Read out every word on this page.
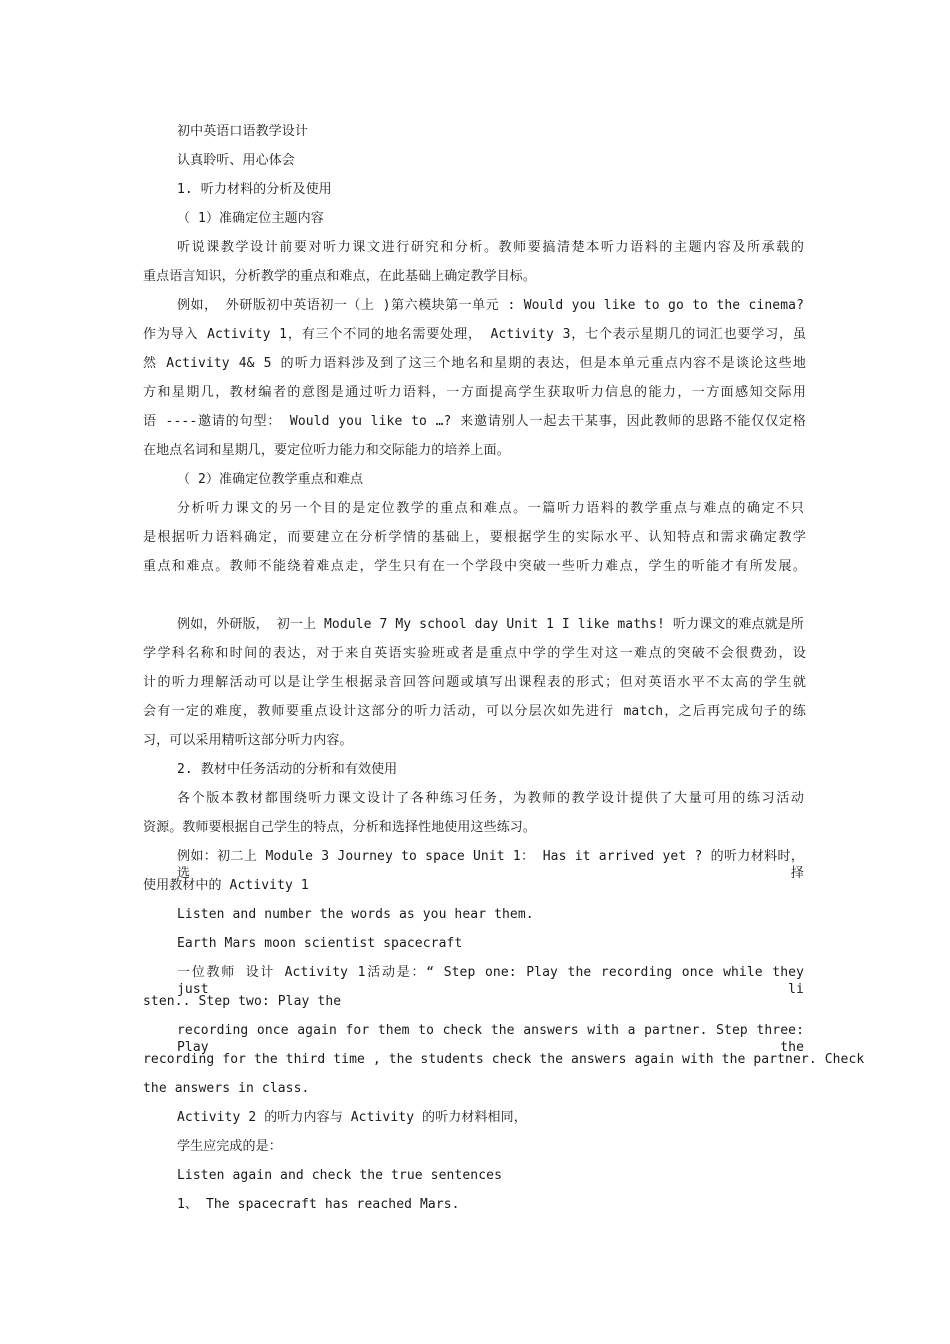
初中英语口语教学设计
认真聆听、用心体会
1. 听力材料的分析及使用
（ 1）准确定位主题内容
听说课教学设计前要对听力课文进行研究和分析。教师要搞清楚本听力语料的主题内容及所承载的
重点语言知识，分析教学的重点和难点，在此基础上确定教学目标。
例如， 外研版初中英语初一（上 )第六模块第一单元 : Would you like to go to the cinema?
作为导入 Activity 1，有三个不同的地名需要处理， Activity 3，七个表示星期几的词汇也要学习，虽
然 Activity 4& 5 的听力语料涉及到了这三个地名和星期的表达，但是本单元重点内容不是谈论这些地
方和星期几，教材编者的意图是通过听力语料，一方面提高学生获取听力信息的能力，一方面感知交际用
语 ----邀请的句型： Would you like to …? 来邀请别人一起去干某事，因此教师的思路不能仅仅定格
在地点名词和星期几，要定位听力能力和交际能力的培养上面。
（ 2）准确定位教学重点和难点
分析听力课文的另一个目的是定位教学的重点和难点。一篇听力语料的教学重点与难点的确定不只
是根据听力语料确定，而要建立在分析学情的基础上，要根据学生的实际水平、认知特点和需求确定教学
重点和难点。教师不能绕着难点走，学生只有在一个学段中突破一些听力难点，学生的听能才有所发展。
例如，外研版， 初一上 Module 7 My school day Unit 1 I like maths! 听力课文的难点就是所
学学科名称和时间的表达，对于来自英语实验班或者是重点中学的学生对这一难点的突破不会很费劲，设
计的听力理解活动可以是让学生根据录音回答问题或填写出课程表的形式；但对英语水平不太高的学生就
会有一定的难度，教师要重点设计这部分的听力活动，可以分层次如先进行 match，之后再完成句子的练
习，可以采用精听这部分听力内容。
2. 教材中任务活动的分析和有效使用
各个版本教材都围绕听力课文设计了各种练习任务，为教师的教学设计提供了大量可用的练习活动
资源。教师要根据自己学生的特点，分析和选择性地使用这些练习。
例如：初二上 Module 3 Journey to space Unit 1： Has it arrived yet ? 的听力材料时，选择
使用教材中的 Activity 1
Listen and number the words as you hear them.
Earth Mars moon scientist spacecraft
一位教师 设计 Activity 1活动是：“ Step one: Play the recording once while they just li
sten.. Step two: Play the
recording once again for them to check the answers with a partner. Step three: Play the
recording for the third time , the students check the answers again with the partner. Check
the answers in class.
Activity 2 的听力内容与 Activity 的听力材料相同，
学生应完成的是：
Listen again and check the true sentences
1、 The spacecraft has reached Mars.
